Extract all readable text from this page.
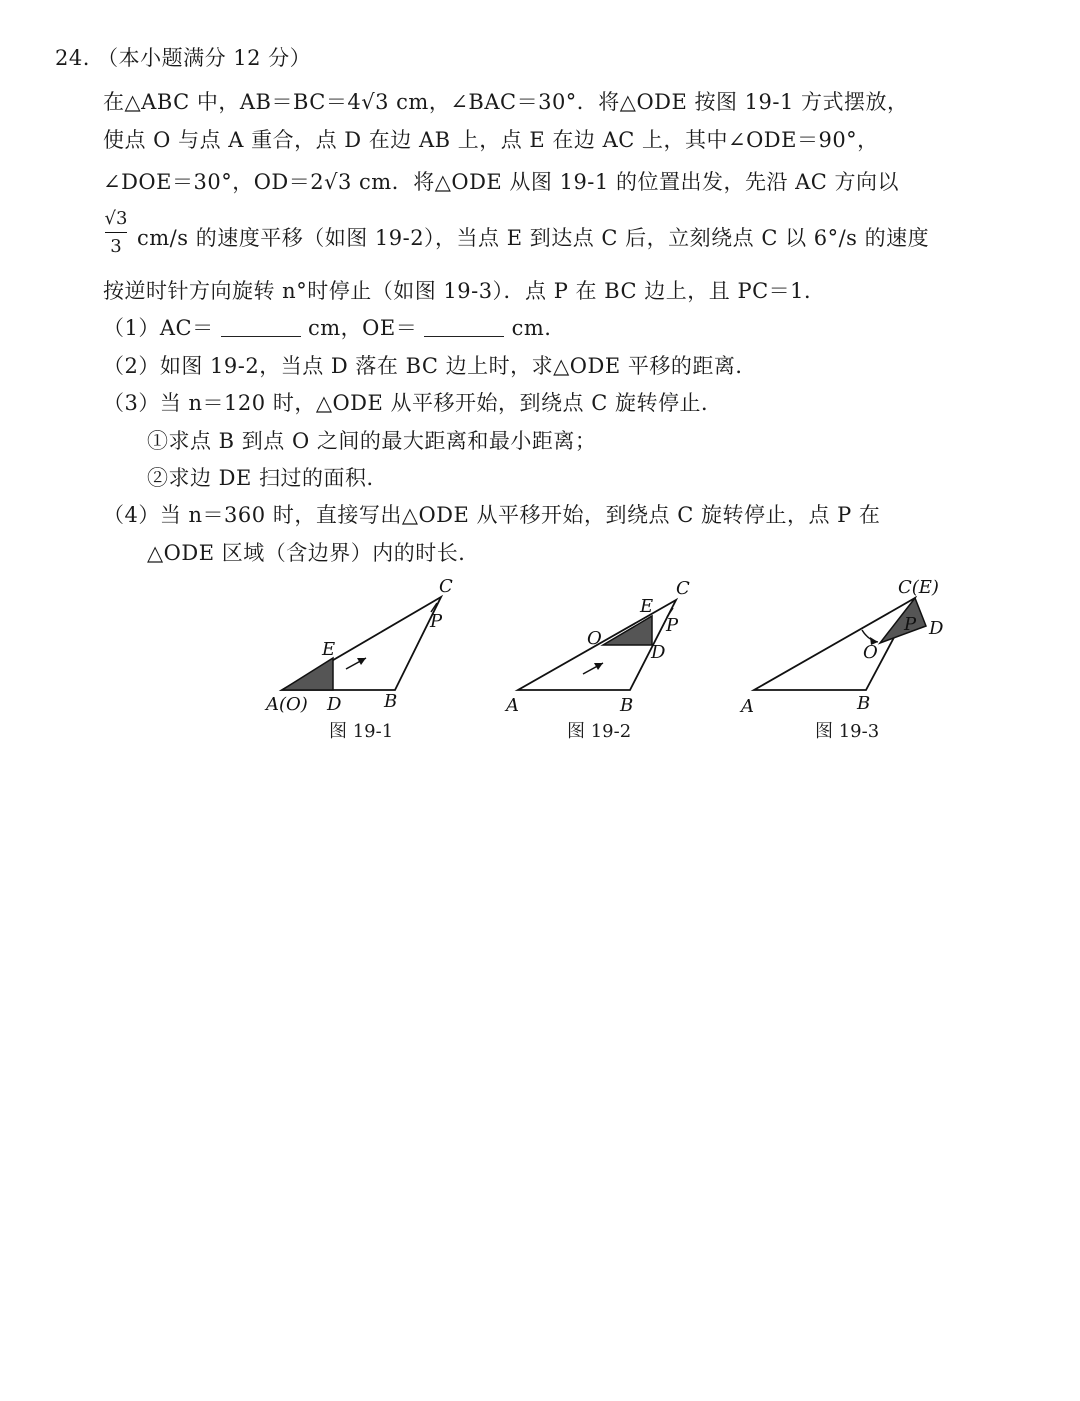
24. （本小题满分 12 分）
在△ABC 中，AB＝BC＝4√3 cm，∠BAC＝30°．将△ODE 按图 19-1 方式摆放，
使点 O 与点 A 重合，点 D 在边 AB 上，点 E 在边 AC 上，其中∠ODE＝90°，
∠DOE＝30°，OD＝2√3 cm．将△ODE 从图 19-1 的位置出发，先沿 AC 方向以
√3
3 cm/s 的速度平移（如图 19-2），当点 E 到达点 C 后，立刻绕点 C 以 6°/s 的速度
按逆时针方向旋转 n°时停止（如图 19-3）．点 P 在 BC 边上，且 PC＝1．
（1）AC＝	cm，OE＝	cm.
（2）如图 19-2，当点 D 落在 BC 边上时，求△ODE 平移的距离．
（3）当 n＝120 时，△ODE 从平移开始，到绕点 C 旋转停止．
①求点 B 到点 O 之间的最大距离和最小距离；
②求边 DE 扫过的面积．
（4）当 n＝360 时，直接写出△ODE 从平移开始，到绕点 C 旋转停止，点 P 在
△ODE 区域（含边界）内的时长．
A(O) D B
E
C
P
A	B
O
E
C
P
D
A	B
C(E)
O
P D
图 19-1	图 19-2	图 19-3
